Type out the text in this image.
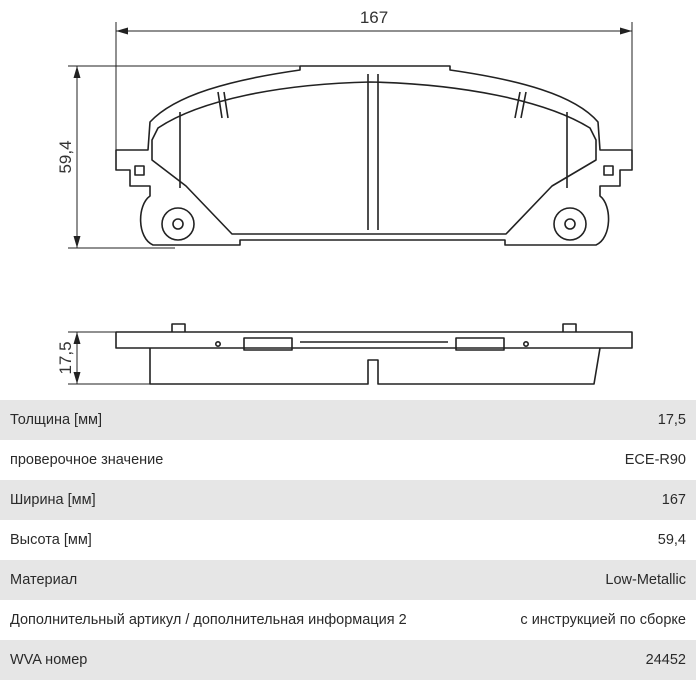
167
59,4
17,5
Толщина [мм]	17,5
проверочное значение	ECE-R90
Ширина [мм]	167
Высота [мм]	59,4
Материал	Low-Metallic
Дополнительный артикул / дополнительная информация 2	с инструкцией по сборке
WVA номер	24452
